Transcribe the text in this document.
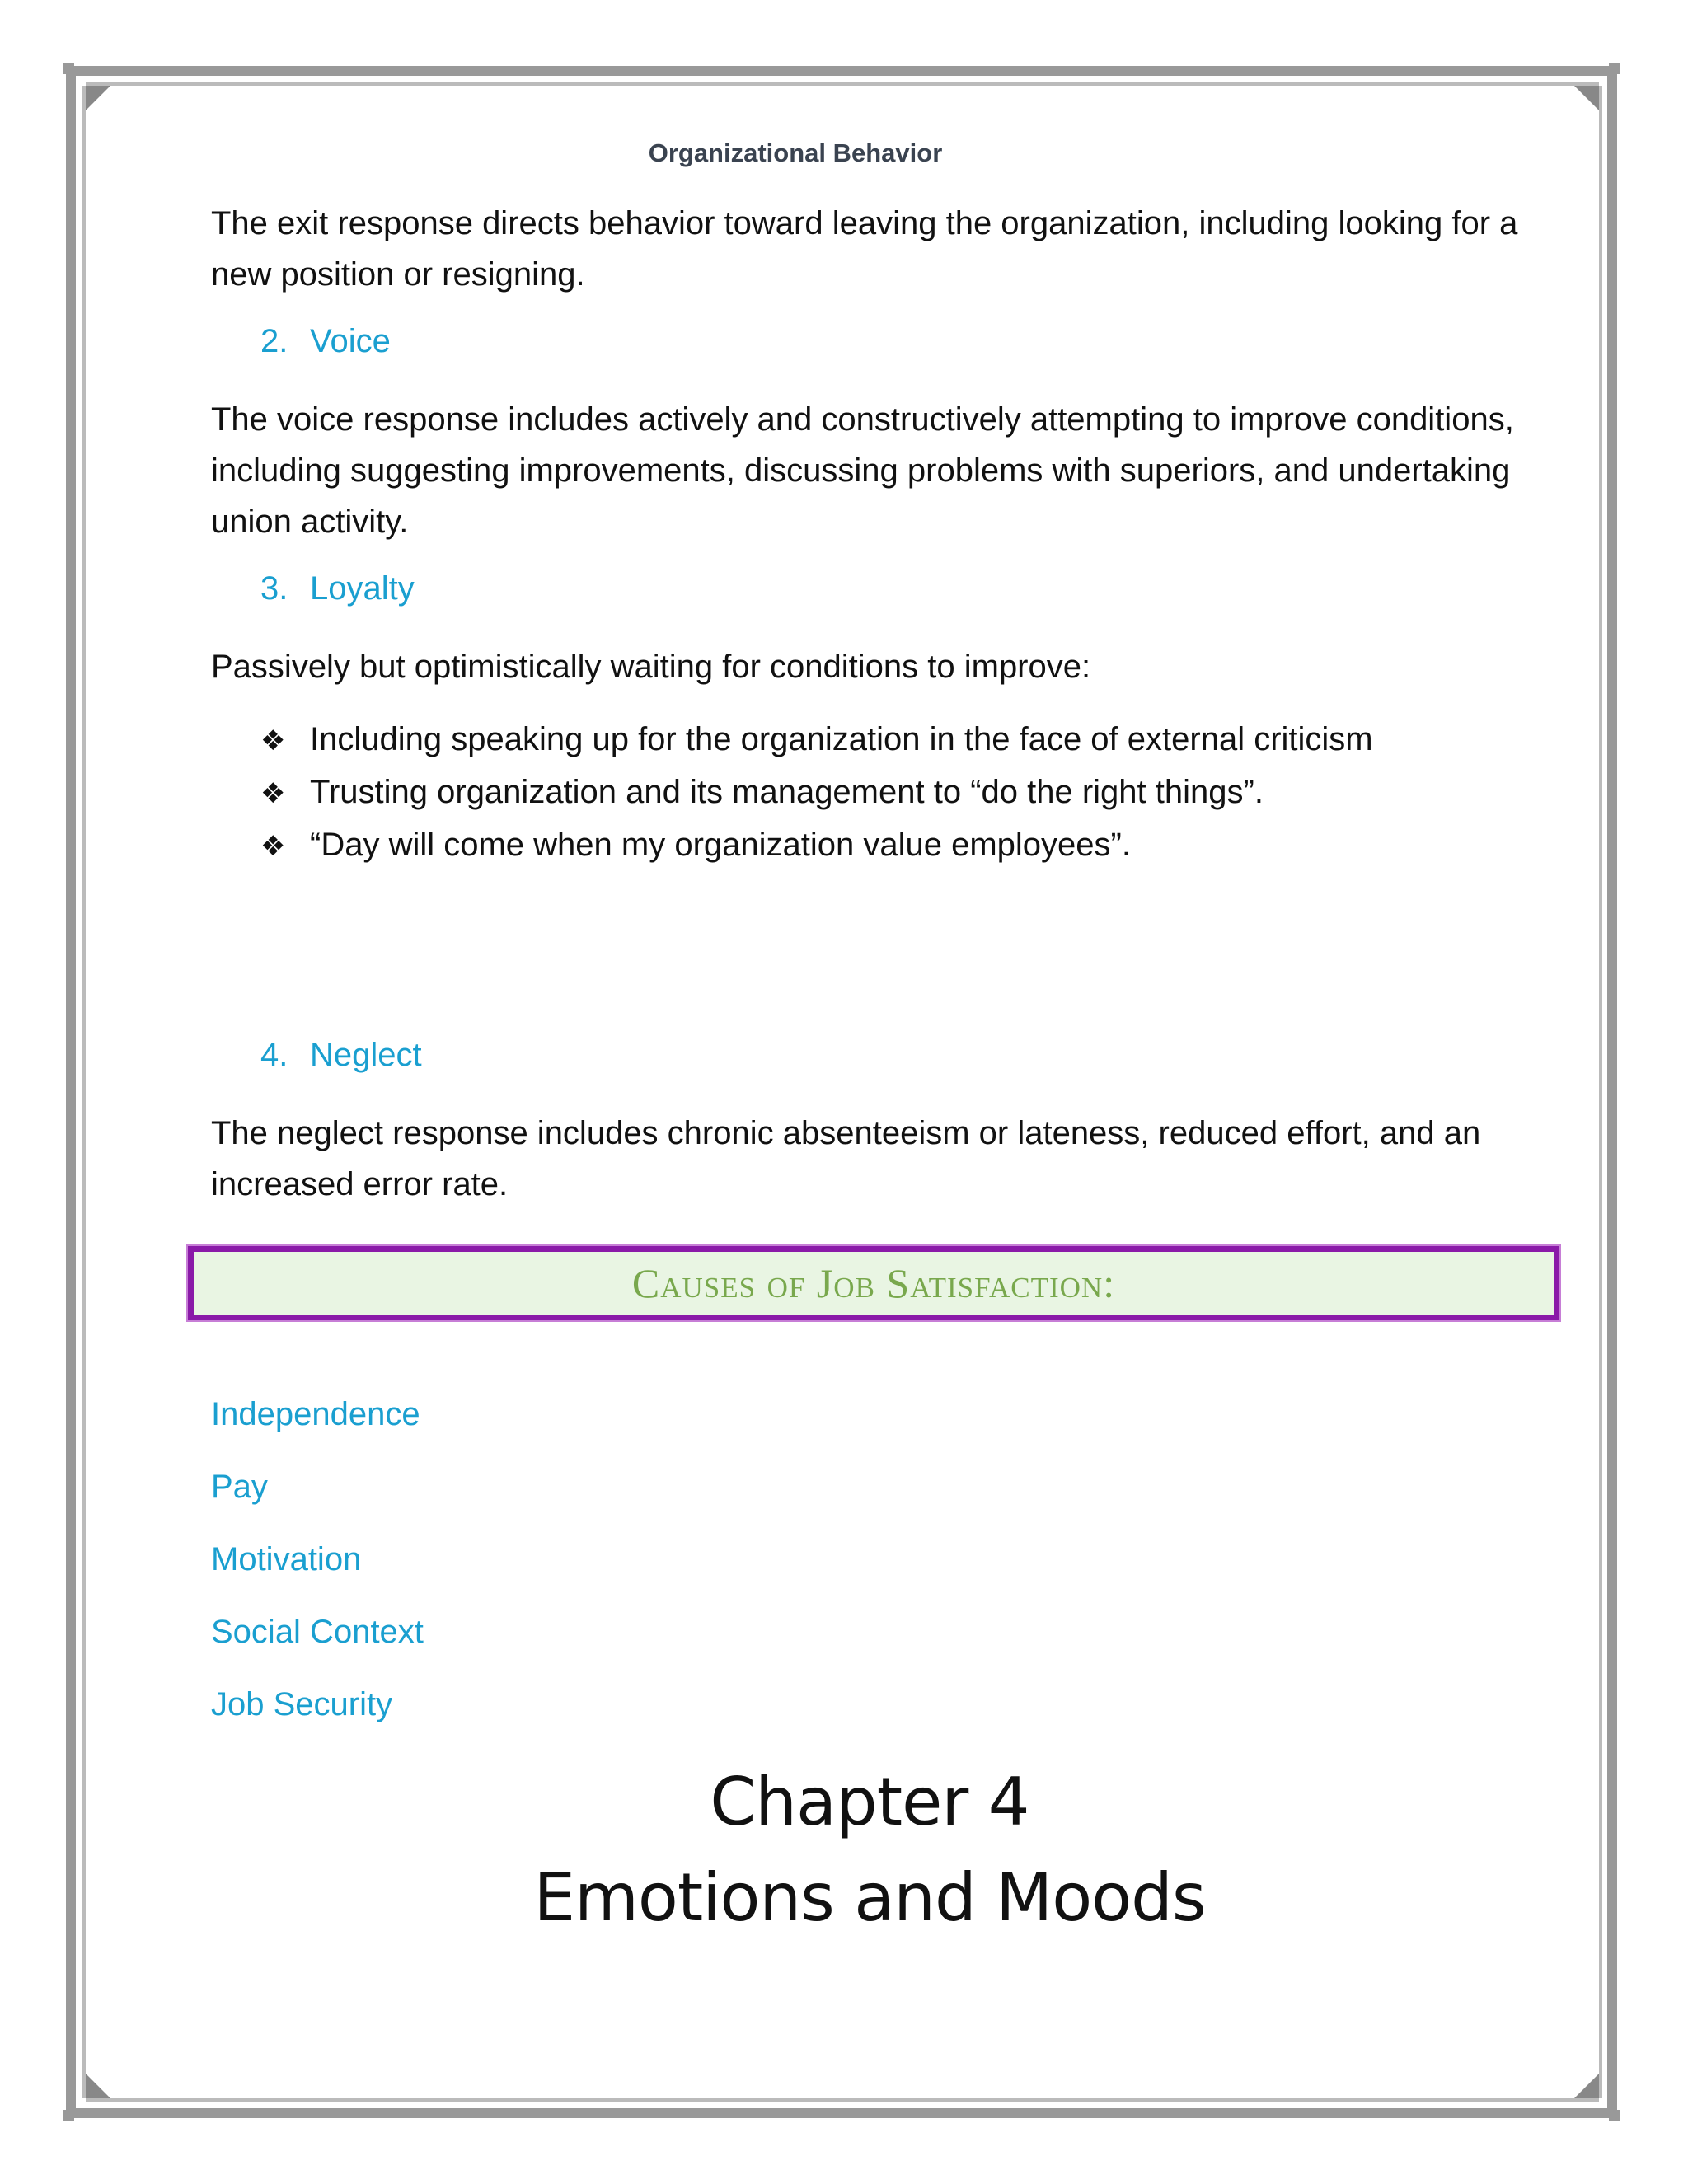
Organizational Behavior
The exit response directs behavior toward leaving the organization, including looking for a new position or resigning.
2. Voice
The voice response includes actively and constructively attempting to improve conditions, including suggesting improvements, discussing problems with superiors, and undertaking union activity.
3. Loyalty
Passively but optimistically waiting for conditions to improve:
❖ Including speaking up for the organization in the face of external criticism
❖ Trusting organization and its management to “do the right things”.
❖ “Day will come when my organization value employees”.
4. Neglect
The neglect response includes chronic absenteeism or lateness, reduced effort, and an increased error rate.
Causes of Job Satisfaction:
Independence
Pay
Motivation
Social Context
Job Security
Chapter 4
Emotions and Moods
